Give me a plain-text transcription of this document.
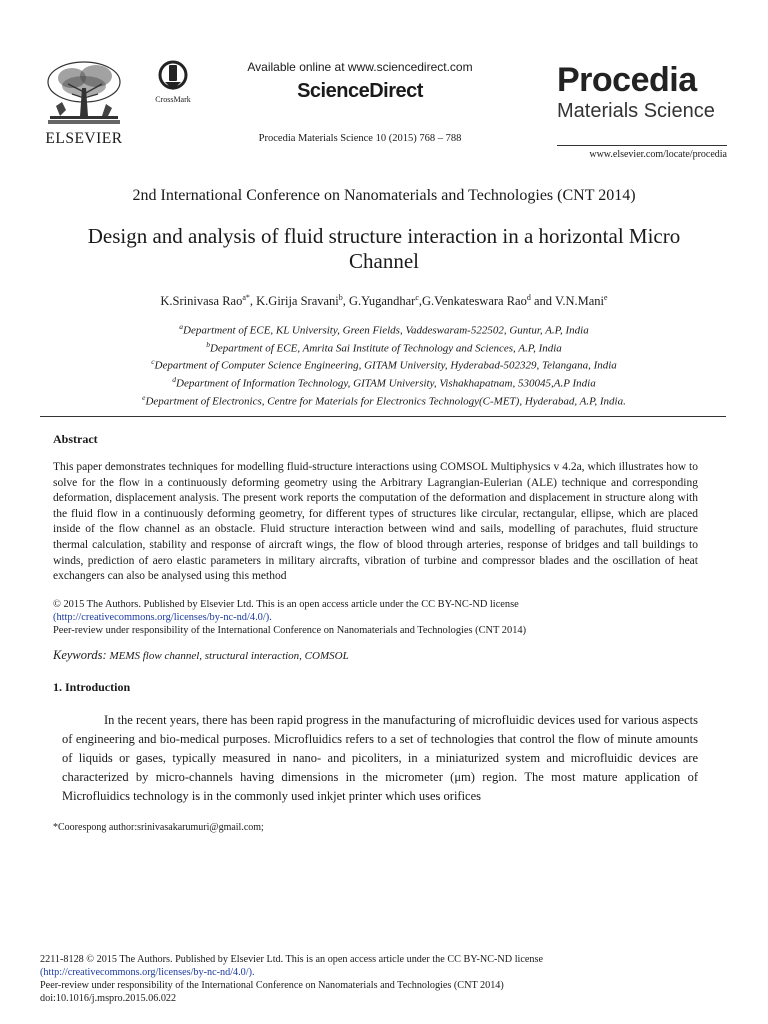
ELSEVIER
CrossMark
Available online at www.sciencedirect.com
ScienceDirect
Procedia Materials Science 10 (2015) 768 – 788
Procedia
Materials Science
www.elsevier.com/locate/procedia
2nd International Conference on Nanomaterials and Technologies (CNT 2014)
Design and analysis of fluid structure interaction in a horizontal Micro Channel
K.Srinivasa Rao$^{a*}$, K.Girija Sravani$^b$, G.Yugandhar$^c$,G.Venkateswara Rao$^d$ and V.N.Mani$^e$
$^a$Department of ECE, KL University, Green Fields, Vaddeswaram-522502, Guntur, A.P, India
$^b$Department of ECE, Amrita Sai Institute of Technology and Sciences, A.P, India
$^c$Department of Computer Science Engineering, GITAM University, Hyderabad-502329, Telangana, India
$^d$Department of Information Technology, GITAM University, Vishakhapatnam, 530045,A.P India
$^e$Department of Electronics, Centre for Materials for Electronics Technology(C-MET), Hyderabad, A.P, India.
Abstract
This paper demonstrates techniques for modelling fluid-structure interactions using COMSOL Multiphysics v 4.2a, which illustrates how to solve for the flow in a continuously deforming geometry using the Arbitrary Lagrangian-Eulerian (ALE) technique and corresponding deformation, displacement analysis. The present work reports the computation of the deformation and displacement in structure along with the fluid flow in a continuously deforming geometry, for different types of structures like circular, rectangular, ellipse, which are placed inside of the flow channel as an obstacle. Fluid structure interaction between wind and sails, modelling of parachutes, fluid structure thermal calculation, stability and response of aircraft wings, the flow of blood through arteries, response of bridges and tall buildings to winds, prediction of aero elastic parameters in military aircrafts, vibration of turbine and compressor blades and the oscillation of heat exchangers can also be analysed using this method
© 2015 The Authors. Published by Elsevier Ltd. This is an open access article under the CC BY-NC-ND license
(http://creativecommons.org/licenses/by-nc-nd/4.0/).
Peer-review under responsibility of the International Conference on Nanomaterials and Technologies (CNT 2014)
Keywords: MEMS flow channel, structural interaction, COMSOL
1. Introduction
In the recent years, there has been rapid progress in the manufacturing of microfluidic devices used for various aspects of engineering and bio-medical purposes. Microfluidics refers to a set of technologies that control the flow of minute amounts of liquids or gases, typically measured in nano- and picoliters, in a miniaturized system and microfluidic devices are characterized by micro-channels having dimensions in the micrometer (μm) region. The most mature application of Microfluidics technology is in the commonly used inkjet printer which uses orifices
*Coorespong author:srinivasakarumuri@gmail.com;
2211-8128 © 2015 The Authors. Published by Elsevier Ltd. This is an open access article under the CC BY-NC-ND license
(http://creativecommons.org/licenses/by-nc-nd/4.0/).
Peer-review under responsibility of the International Conference on Nanomaterials and Technologies (CNT 2014)
doi:10.1016/j.mspro.2015.06.022
